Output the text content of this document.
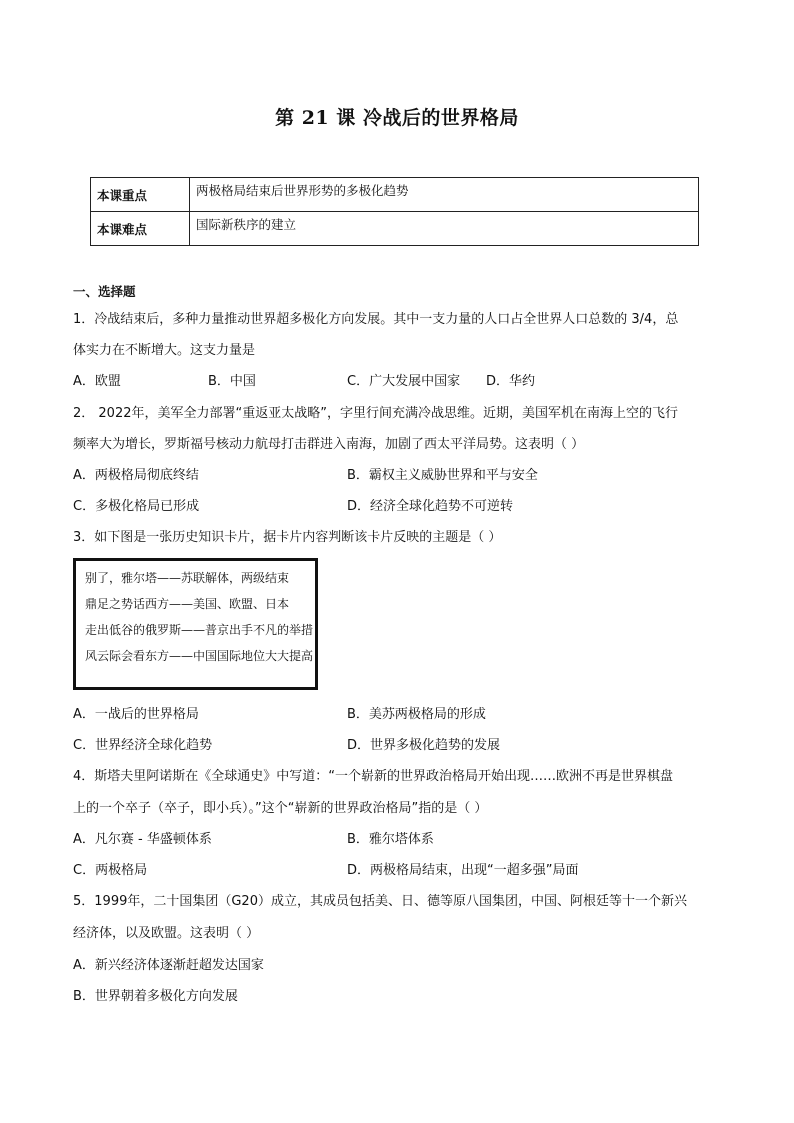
第 21 课 冷战后的世界格局
本课重点	两极格局结束后世界形势的多极化趋势
本课难点	国际新秩序的建立
一、选择题
1．冷战结束后，多种力量推动世界超多极化方向发展。其中一支力量的人口占全世界人口总数的 3/4，总
体实力在不断增大。这支力量是
A．欧盟	B．中国	C．广大发展中国家 D．华约
2． 2022年，美军全力部署“重返亚太战略”，字里行间充满冷战思维。近期，美国军机在南海上空的飞行
频率大为增长，罗斯福号核动力航母打击群进入南海，加剧了西太平洋局势。这表明（ ）
A．两极格局彻底终结	B．霸权主义威胁世界和平与安全
C．多极化格局已形成	D．经济全球化趋势不可逆转
3．如下图是一张历史知识卡片，据卡片内容判断该卡片反映的主题是（ ）
别了，雅尔塔——苏联解体，两级结束
鼎足之势话西方——美国、欧盟、日本
走出低谷的俄罗斯——普京出手不凡的举措
风云际会看东方——中国国际地位大大提高
A．一战后的世界格局	B．美苏两极格局的形成
C．世界经济全球化趋势	D．世界多极化趋势的发展
4．斯塔夫里阿诺斯在《全球通史》中写道：“一个崭新的世界政治格局开始出现……欧洲不再是世界棋盘
上的一个卒子（卒子，即小兵）。”这个“崭新的世界政治格局”指的是（ ）
A．凡尔赛 - 华盛顿体系	B．雅尔塔体系
C．两极格局	D．两极格局结束，出现“一超多强”局面
5．1999年，二十国集团（G20）成立，其成员包括美、日、德等原八国集团，中国、阿根廷等十一个新兴
经济体，以及欧盟。这表明（ ）
A．新兴经济体逐渐赶超发达国家
B．世界朝着多极化方向发展
